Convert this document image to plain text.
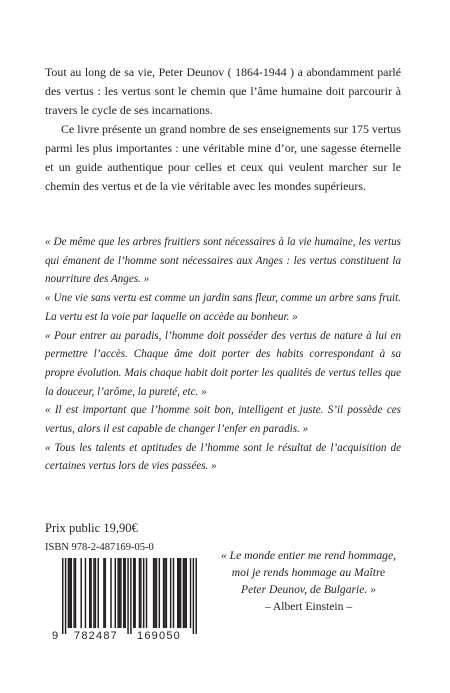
Tout au long de sa vie, Peter Deunov ( 1864-1944 ) a abondamment parlé des vertus : les vertus sont le chemin que l’âme humaine doit parcourir à travers le cycle de ses incarnations.

Ce livre présente un grand nombre de ses enseignements sur 175 vertus parmi les plus importantes : une véritable mine d’or, une sagesse éternelle et un guide authentique pour celles et ceux qui veulent marcher sur le chemin des vertus et de la vie véritable avec les mondes supérieurs.

« De même que les arbres fruitiers sont nécessaires à la vie humaine, les vertus qui émanent de l’homme sont nécessaires aux Anges : les vertus constituent la nourriture des Anges. »

« Une vie sans vertu est comme un jardin sans fleur, comme un arbre sans fruit. La vertu est la voie par laquelle on accède au bonheur. »

« Pour entrer au paradis, l’homme doit posséder des vertus de nature à lui en permettre l’accès. Chaque âme doit porter des habits correspondant à sa propre évolution. Mais chaque habit doit porter les qualités de vertus telles que la douceur, l’arôme, la pureté, etc. »

« Il est important que l’homme soit bon, intelligent et juste. S’il possède ces vertus, alors il est capable de changer l’enfer en paradis. »

« Tous les talents et aptitudes de l’homme sont le résultat de l’acquisition de certaines vertus lors de vies passées. »

Prix public 19,90€
ISBN 978-2-487169-05-0
9 782487 169050
« Le monde entier me rend hommage,
moi je rends hommage au Maître
Peter Deunov, de Bulgarie. »
– Albert Einstein –
